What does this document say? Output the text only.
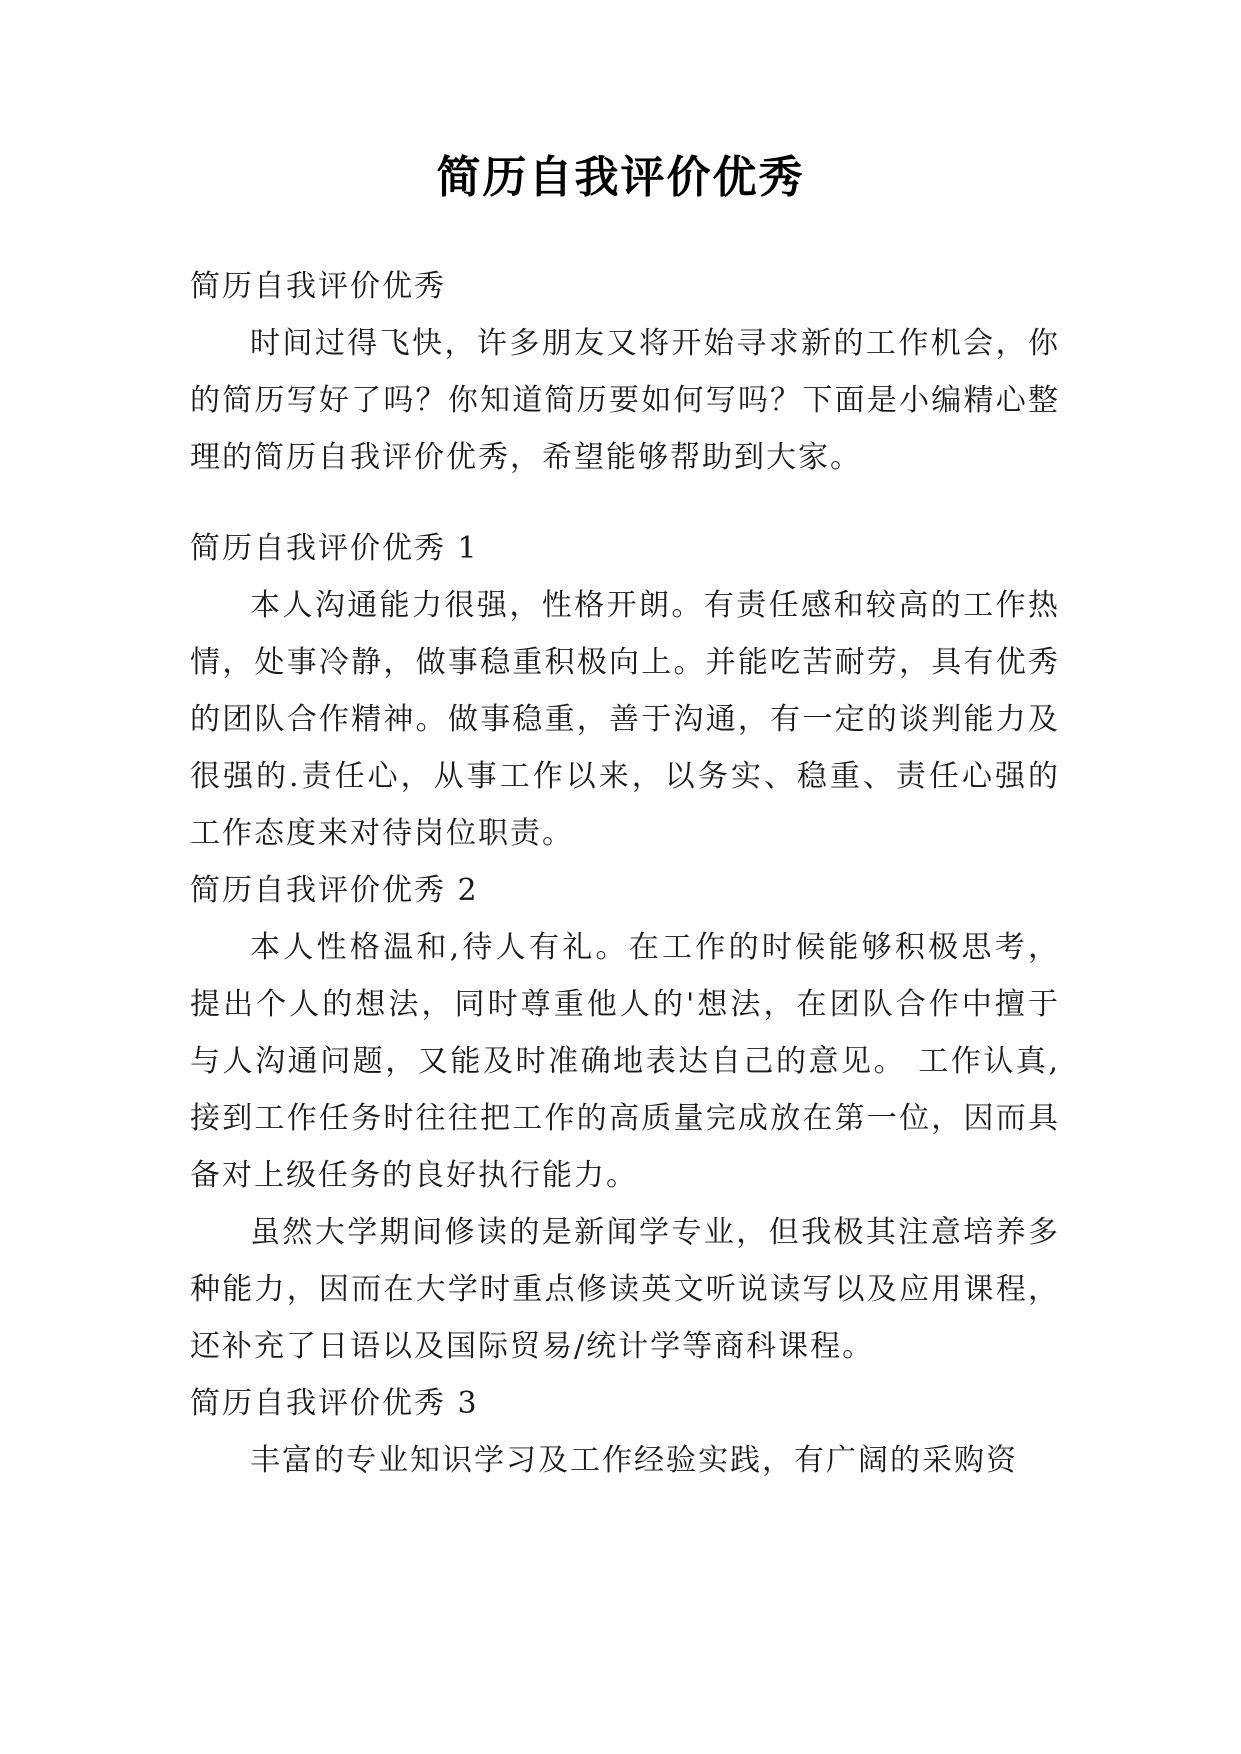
简历自我评价优秀
简历自我评价优秀
时间过得飞快，许多朋友又将开始寻求新的工作机会，你的简历写好了吗？你知道简历要如何写吗？下面是小编精心整理的简历自我评价优秀，希望能够帮助到大家。
简历自我评价优秀 1
本人沟通能力很强，性格开朗。有责任感和较高的工作热情，处事冷静，做事稳重积极向上。并能吃苦耐劳，具有优秀的团队合作精神。做事稳重，善于沟通，有一定的谈判能力及很强的.责任心，从事工作以来，以务实、稳重、责任心强的工作态度来对待岗位职责。
简历自我评价优秀 2
本人性格温和,待人有礼。在工作的时候能够积极思考，提出个人的想法，同时尊重他人的'想法，在团队合作中擅于与人沟通问题，又能及时准确地表达自己的意见。 工作认真,接到工作任务时往往把工作的高质量完成放在第一位，因而具备对上级任务的良好执行能力。
虽然大学期间修读的是新闻学专业，但我极其注意培养多种能力，因而在大学时重点修读英文听说读写以及应用课程，还补充了日语以及国际贸易/统计学等商科课程。
简历自我评价优秀 3
丰富的专业知识学习及工作经验实践，有广阔的采购资
